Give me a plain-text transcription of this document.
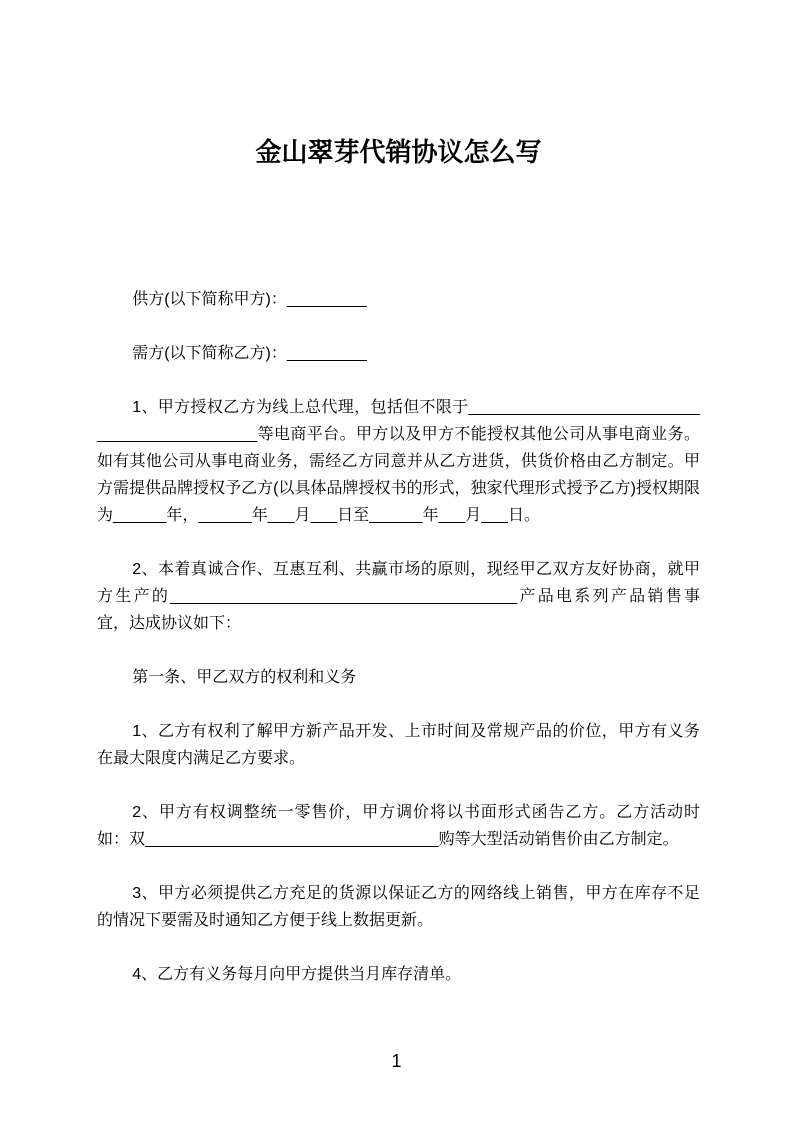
金山翠芽代销协议怎么写

供方(以下简称甲方)：_________

需方(以下简称乙方)：_________

1、甲方授权乙方为线上总代理，包括但不限于____________________________________________等电商平台。甲方以及甲方不能授权其他公司从事电商业务。如有其他公司从事电商业务，需经乙方同意并从乙方进货，供货价格由乙方制定。甲方需提供品牌授权予乙方(以具体品牌授权书的形式，独家代理形式授予乙方)授权期限为______年，______年___月___日至______年___月___日。

2、本着真诚合作、互惠互利、共赢市场的原则，现经甲乙双方友好协商，就甲方生产的_______________________________________产品电系列产品销售事宜，达成协议如下：

第一条、甲乙双方的权利和义务

1、乙方有权利了解甲方新产品开发、上市时间及常规产品的价位，甲方有义务在最大限度内满足乙方要求。

2、甲方有权调整统一零售价，甲方调价将以书面形式函告乙方。乙方活动时如：双_________________________________购等大型活动销售价由乙方制定。

3、甲方必须提供乙方充足的货源以保证乙方的网络线上销售，甲方在库存不足的情况下要需及时通知乙方便于线上数据更新。

4、乙方有义务每月向甲方提供当月库存清单。

1
